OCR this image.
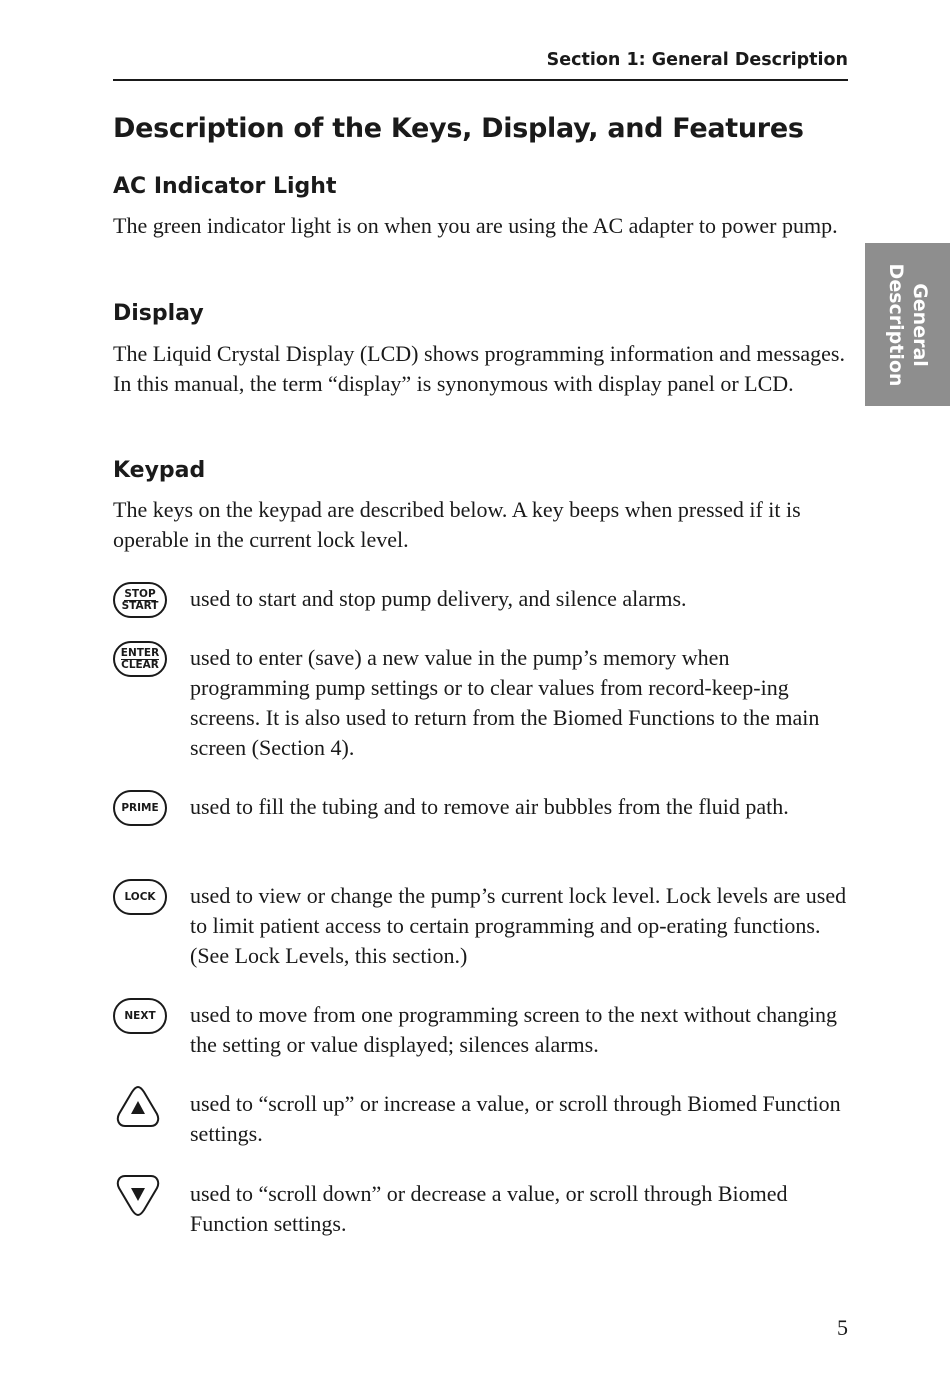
Section 1: General Description
General
Description
Description of the Keys, Display, and Features
AC Indicator Light

The green indicator light is on when you are using the AC adapter to power pump.

Display

The Liquid Crystal Display (LCD) shows programming information and messages. In this manual, the term “display” is synonymous with display panel or LCD.

Keypad

The keys on the keypad are described below. A key beeps when pressed if it is operable in the current lock level.

STOP
START used to start and stop pump delivery, and silence alarms.

ENTER
CLEAR used to enter (save) a new value in the pump’s memory when programming pump settings or to clear values from record-keep-ing screens. It is also used to return from the Biomed Functions to the main screen (Section 4).

PRIME used to fill the tubing and to remove air bubbles from the fluid path.

LOCK used to view or change the pump’s current lock level. Lock levels are used to limit patient access to certain programming and op-erating functions. (See Lock Levels, this section.)

NEXT used to move from one programming screen to the next without changing the setting or value displayed; silences alarms.

used to “scroll up” or increase a value, or scroll through Biomed Function settings.

used to “scroll down” or decrease a value, or scroll through Biomed Function settings.

5
